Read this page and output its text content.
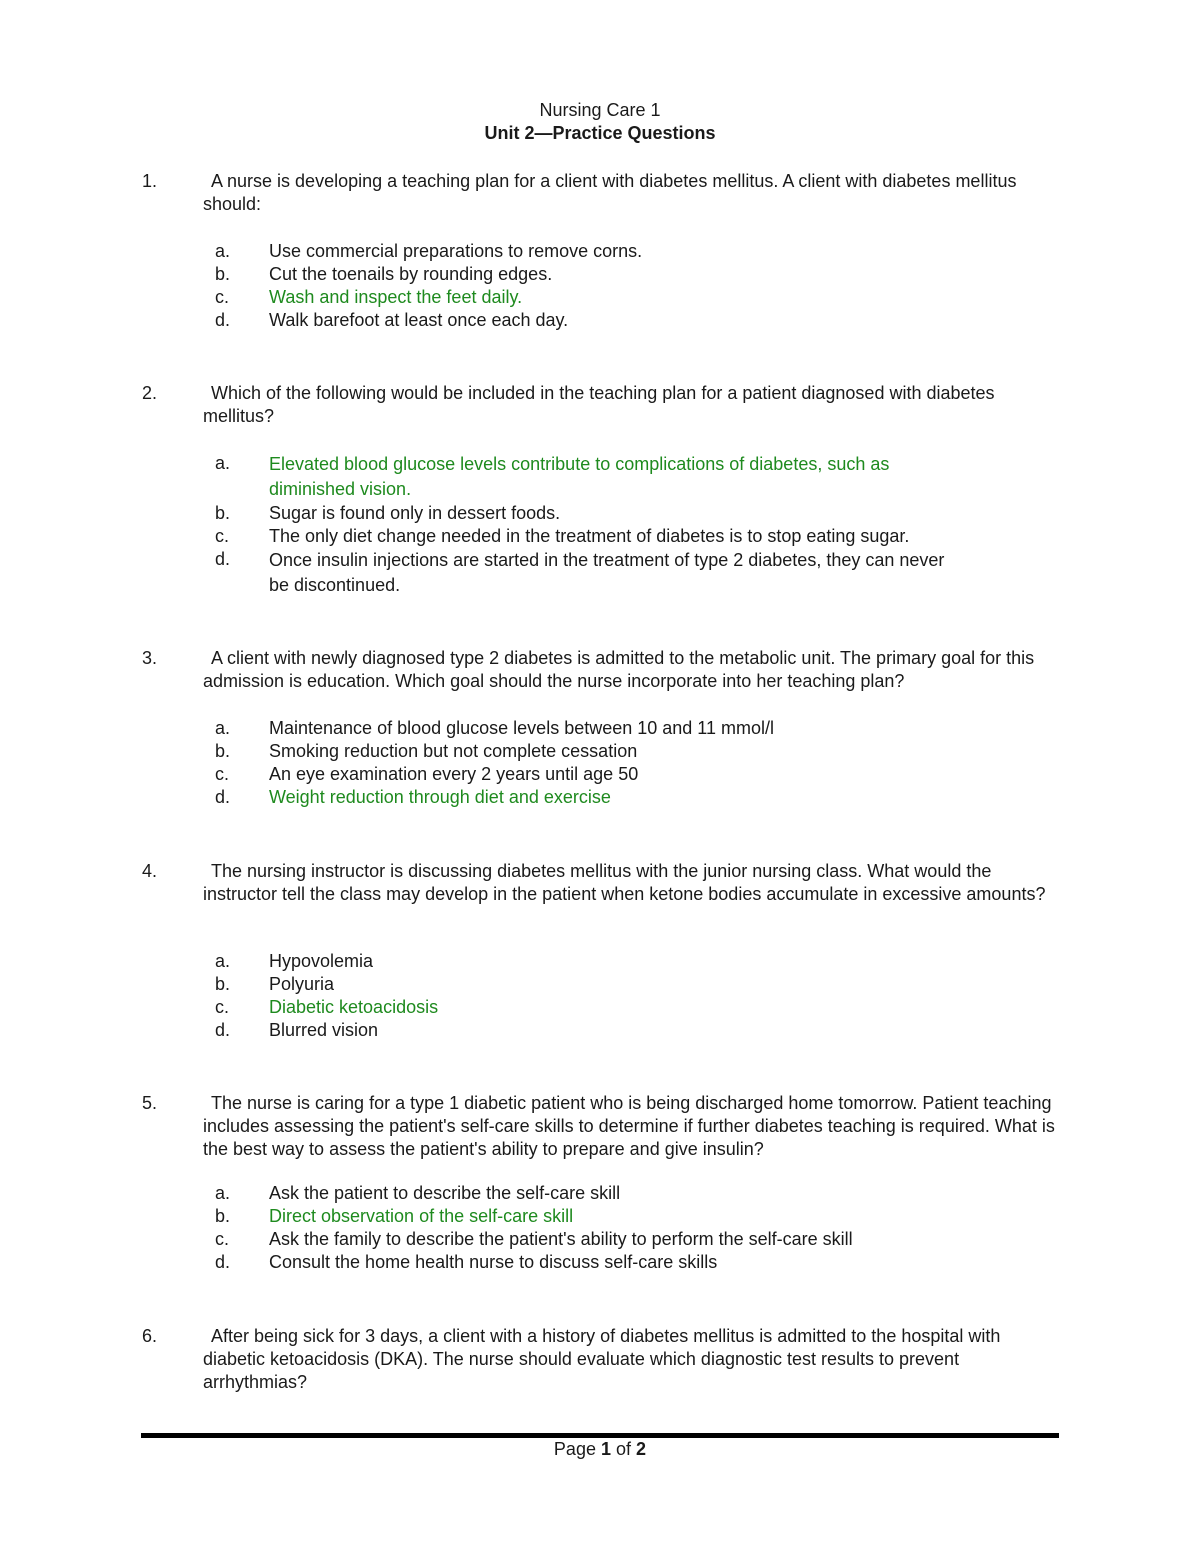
Nursing Care 1
Unit 2—Practice Questions
1.	A nurse is developing a teaching plan for a client with diabetes mellitus. A client with diabetes mellitus should:
a. Use commercial preparations to remove corns.
b. Cut the toenails by rounding edges.
c. Wash and inspect the feet daily.
d. Walk barefoot at least once each day.
2.	Which of the following would be included in the teaching plan for a patient diagnosed with diabetes mellitus?
a. Elevated blood glucose levels contribute to complications of diabetes, such as diminished vision.
b. Sugar is found only in dessert foods.
c. The only diet change needed in the treatment of diabetes is to stop eating sugar.
d. Once insulin injections are started in the treatment of type 2 diabetes, they can never be discontinued.
3.	A client with newly diagnosed type 2 diabetes is admitted to the metabolic unit. The primary goal for this admission is education. Which goal should the nurse incorporate into her teaching plan?
a. Maintenance of blood glucose levels between 10 and 11 mmol/l
b. Smoking reduction but not complete cessation
c. An eye examination every 2 years until age 50
d. Weight reduction through diet and exercise
4.	The nursing instructor is discussing diabetes mellitus with the junior nursing class. What would the instructor tell the class may develop in the patient when ketone bodies accumulate in excessive amounts?
a. Hypovolemia
b. Polyuria
c. Diabetic ketoacidosis
d. Blurred vision
5.	The nurse is caring for a type 1 diabetic patient who is being discharged home tomorrow. Patient teaching includes assessing the patient's self-care skills to determine if further diabetes teaching is required. What is the best way to assess the patient's ability to prepare and give insulin?
a. Ask the patient to describe the self-care skill
b. Direct observation of the self-care skill
c. Ask the family to describe the patient's ability to perform the self-care skill
d. Consult the home health nurse to discuss self-care skills
6.	After being sick for 3 days, a client with a history of diabetes mellitus is admitted to the hospital with diabetic ketoacidosis (DKA). The nurse should evaluate which diagnostic test results to prevent arrhythmias?
Page 1 of 2
